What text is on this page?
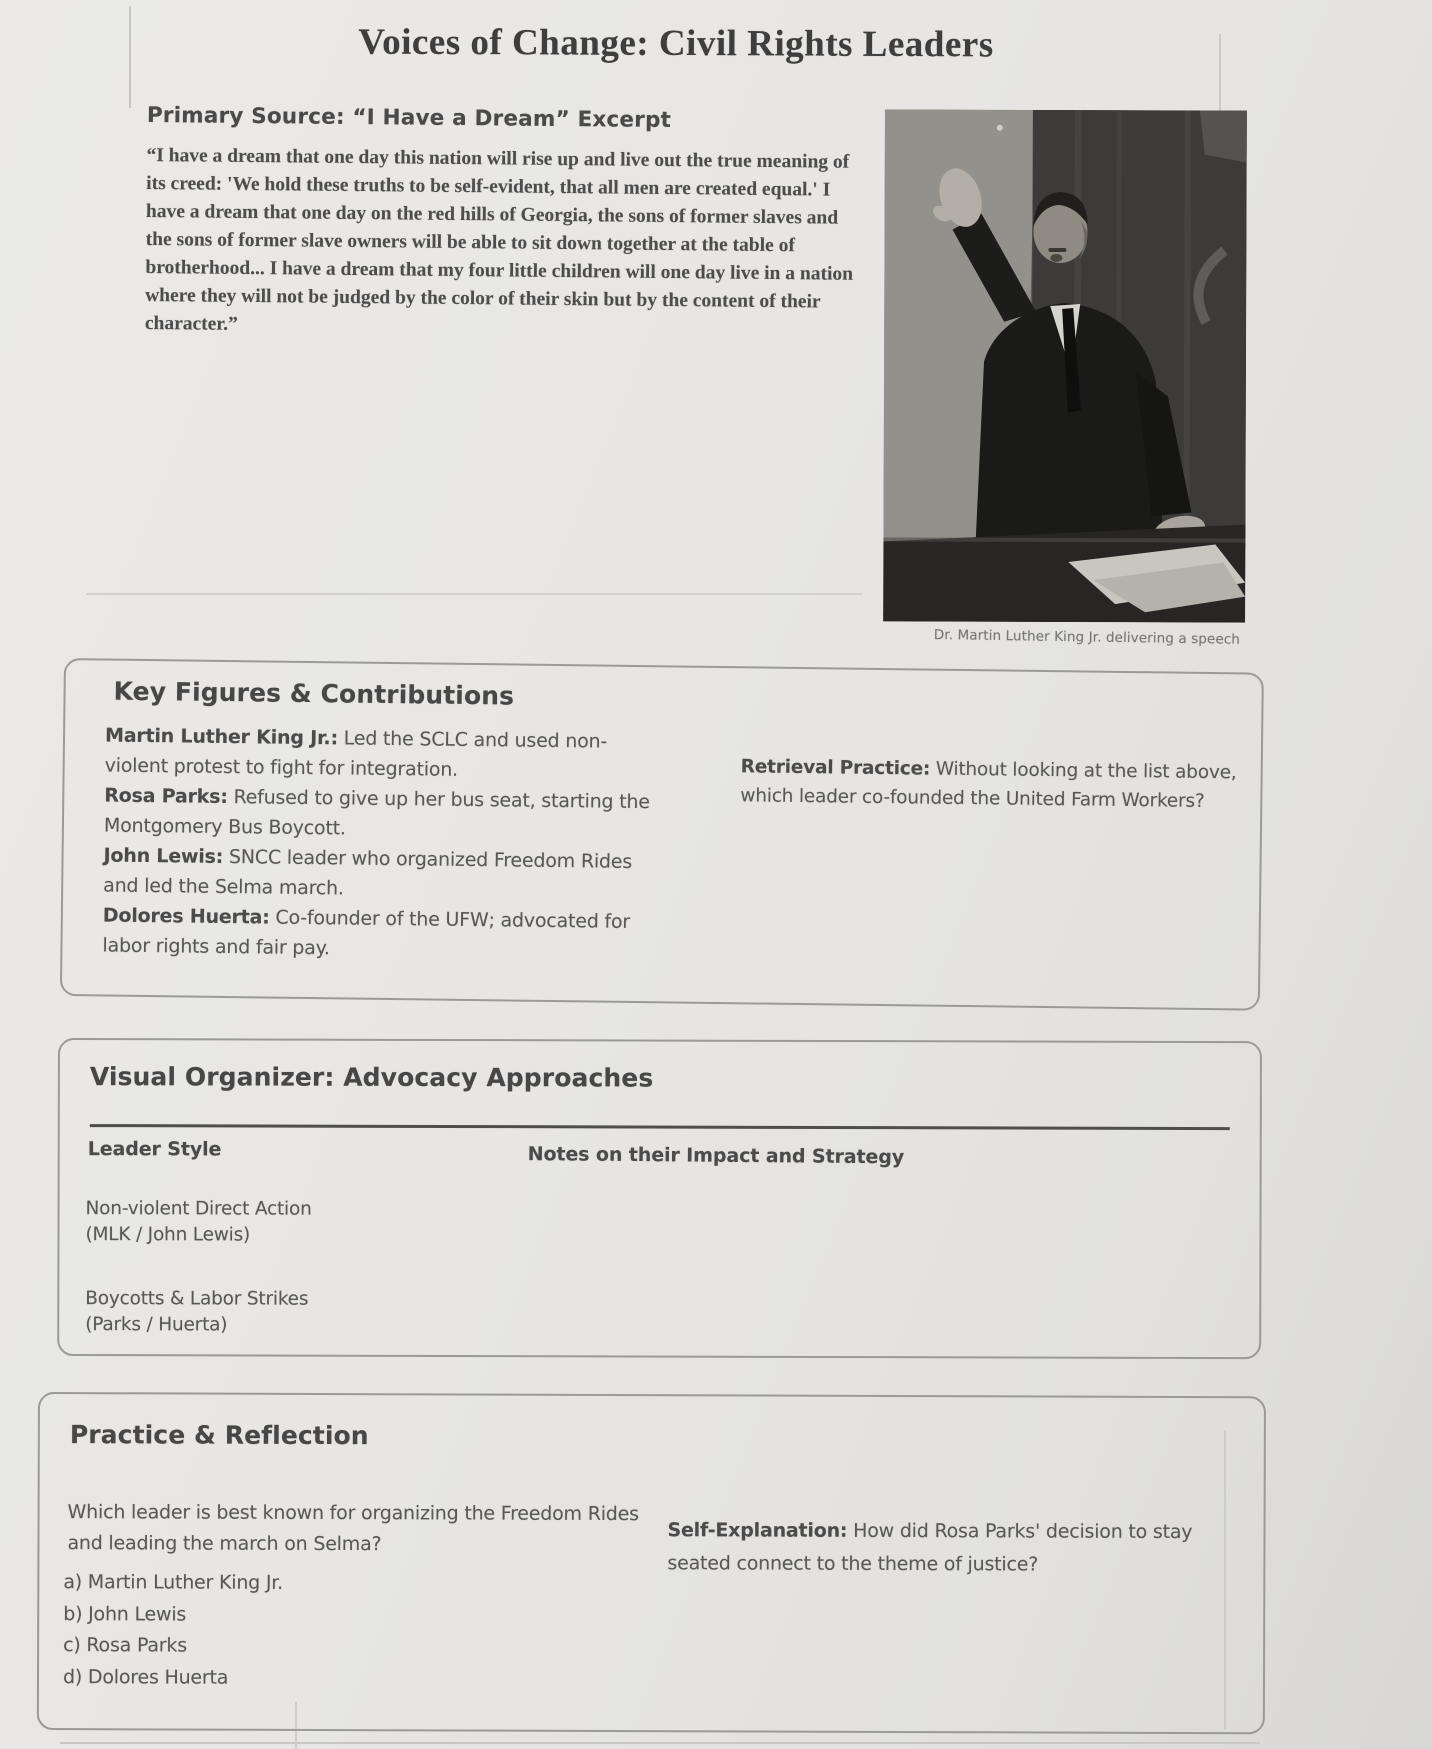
Voices of Change: Civil Rights Leaders
Primary Source: “I Have a Dream” Excerpt

“I have a dream that one day this nation will rise up and live out the true meaning of its creed: 'We hold these truths to be self-evident, that all men are created equal.' I have a dream that one day on the red hills of Georgia, the sons of former slaves and the sons of former slave owners will be able to sit down together at the table of brotherhood... I have a dream that my four little children will one day live in a nation where they will not be judged by the color of their skin but by the content of their character.”

Dr. Martin Luther King Jr. delivering a speech
Key Figures & Contributions

Martin Luther King Jr.: Led the SCLC and used non-violent protest to fight for integration.

Rosa Parks: Refused to give up her bus seat, starting the Montgomery Bus Boycott.

John Lewis: SNCC leader who organized Freedom Rides and led the Selma march.

Dolores Huerta: Co-founder of the UFW; advocated for labor rights and fair pay.

Retrieval Practice: Without looking at the list above, which leader co-founded the United Farm Workers?

Visual Organizer: Advocacy Approaches
Leader Style	Notes on their Impact and Strategy
Non-violent Direct Action
(MLK / John Lewis)
Boycotts & Labor Strikes
(Parks / Huerta)
Practice & Reflection

Which leader is best known for organizing the Freedom Rides and leading the march on Selma?

a) Martin Luther King Jr.
b) John Lewis
c) Rosa Parks
d) Dolores Huerta

Self-Explanation: How did Rosa Parks' decision to stay seated connect to the theme of justice?
